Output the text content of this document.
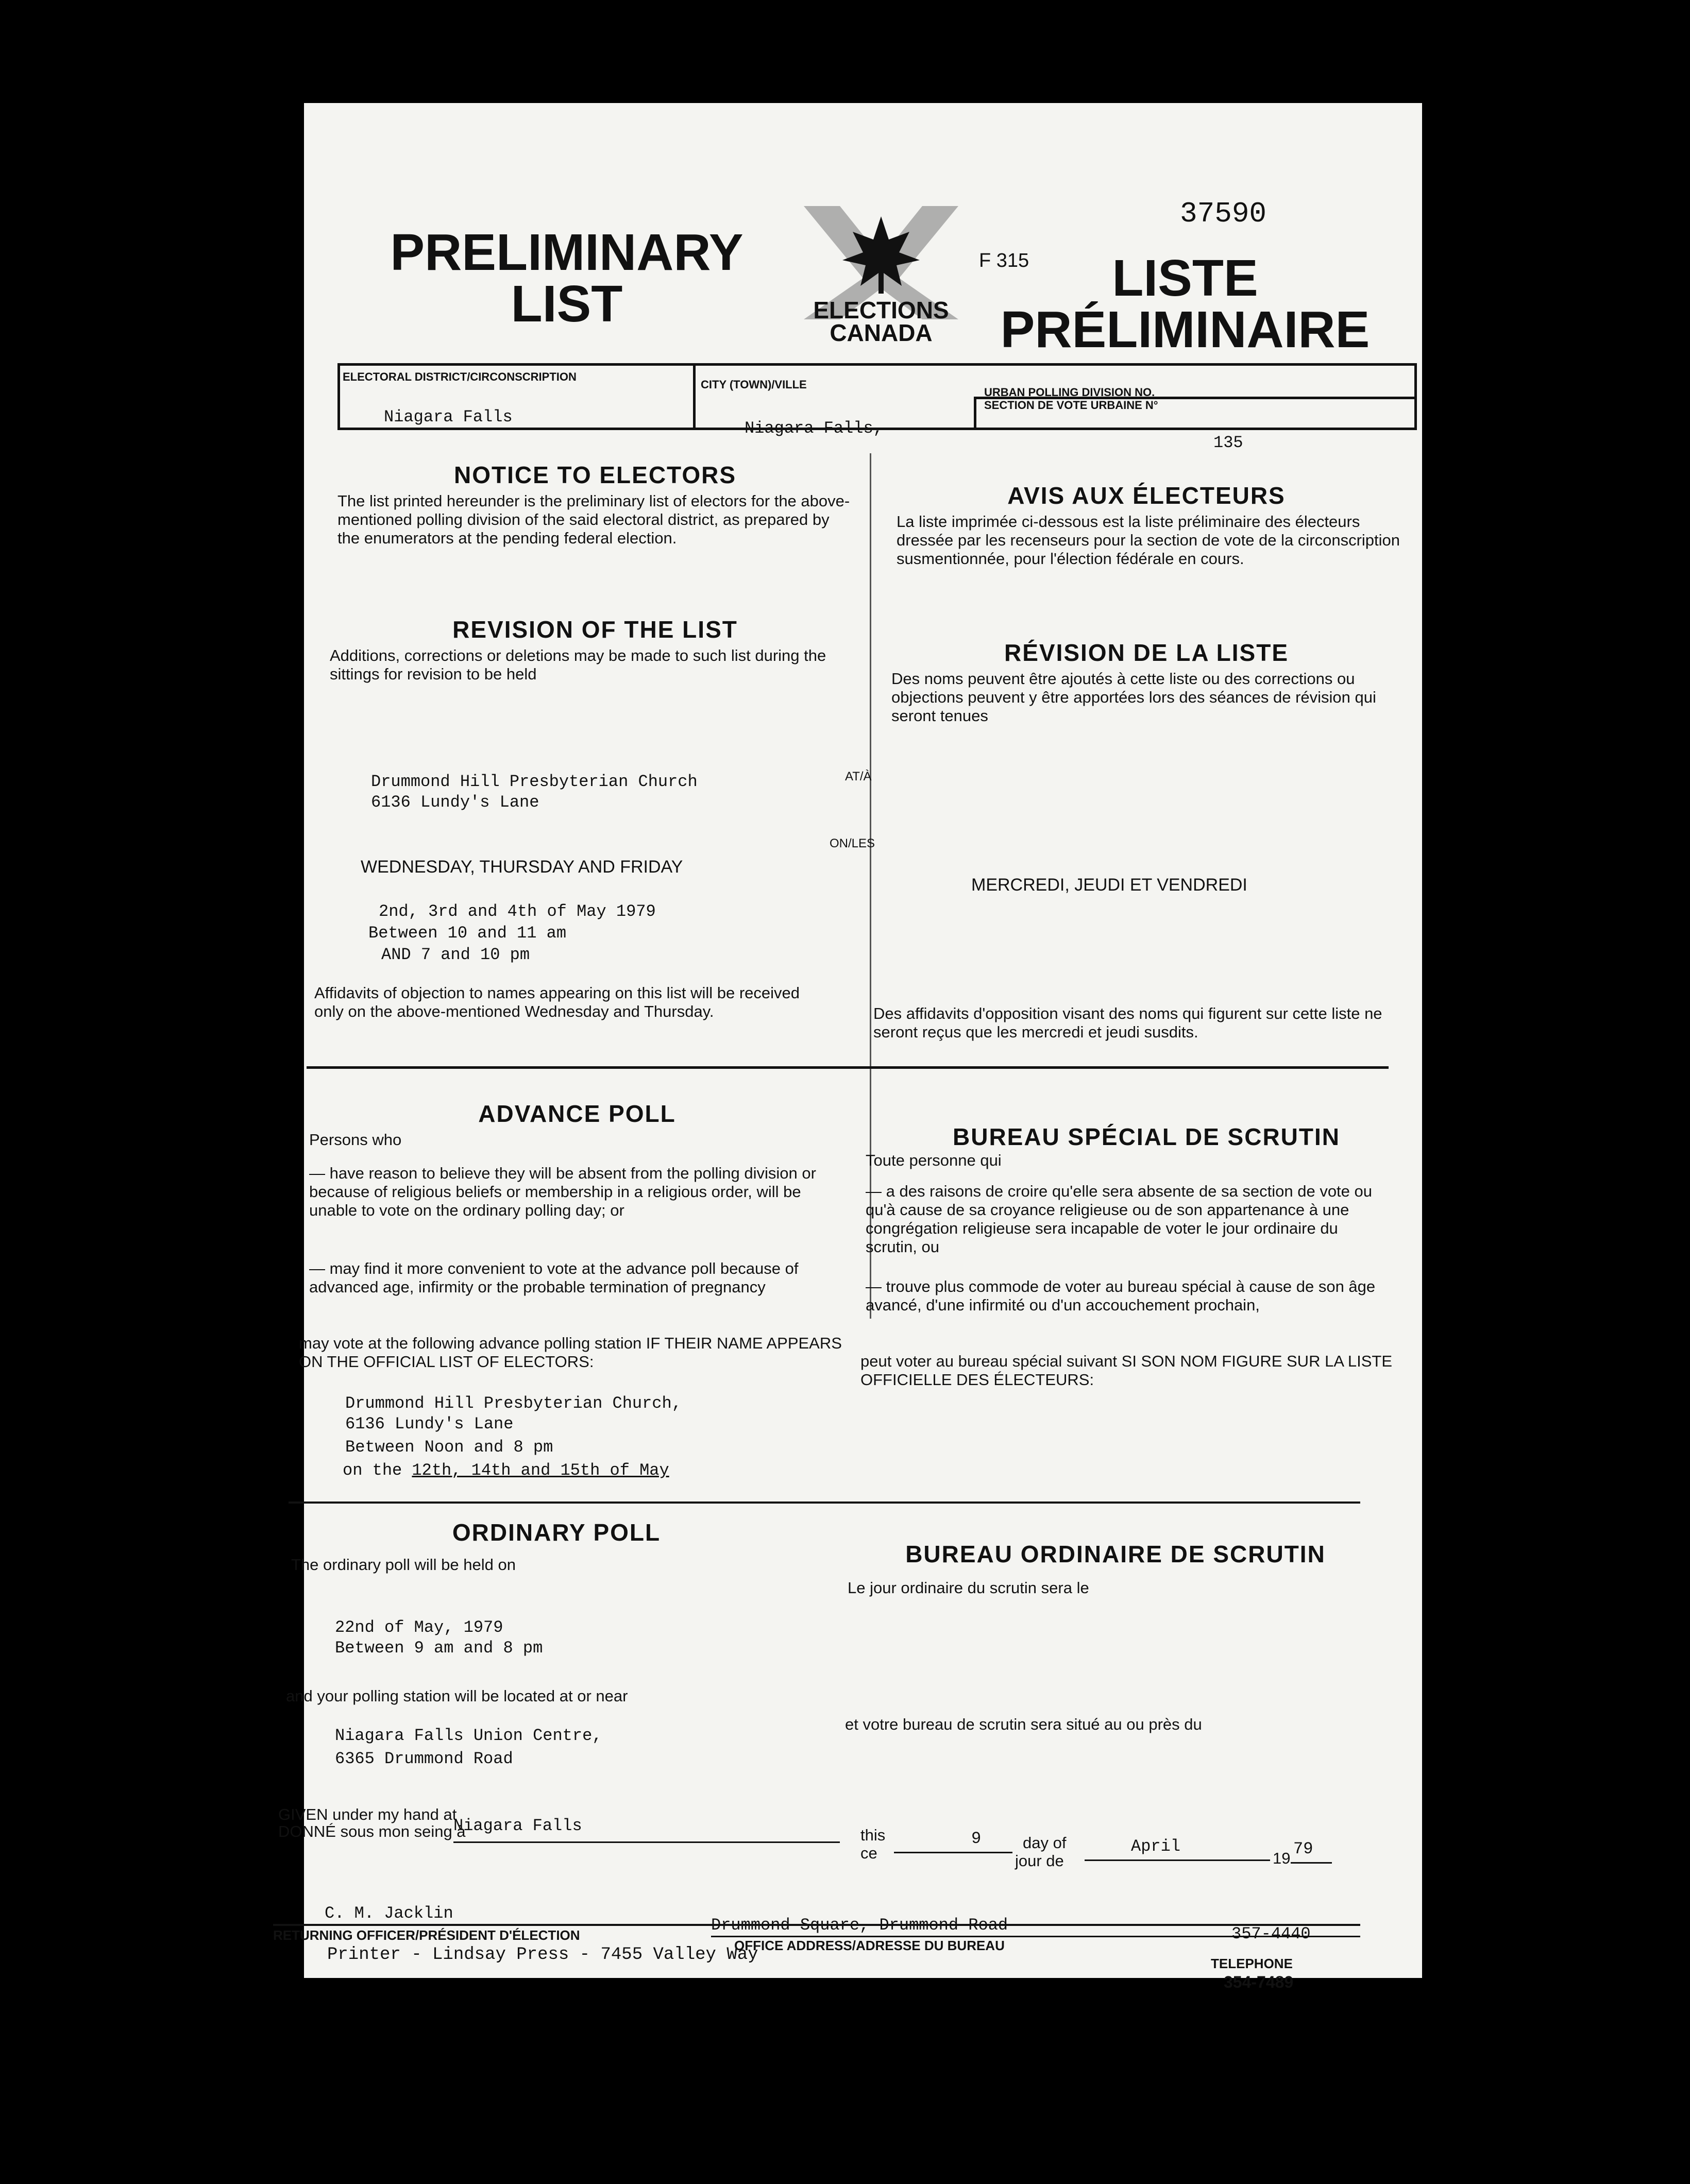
PRELIMINARY
LIST	ELECTIONS
CANADA
37590
F 315	LISTE
PRÉLIMINAIRE
ELECTORAL DISTRICT/CIRCONSCRIPTION
Niagara Falls
CITY (TOWN)/VILLE
Niagara Falls,
URBAN POLLING DIVISION NO.
SECTION DE VOTE URBAINE N°
135
NOTICE TO ELECTORS
The list printed hereunder is the preliminary list of electors for the above-mentioned polling division of the said electoral district, as prepared by the enumerators at the pending federal election.
AVIS AUX ÉLECTEURS
La liste imprimée ci-dessous est la liste préliminaire des électeurs dressée par les recenseurs pour la section de vote de la circonscription susmentionnée, pour l'élection fédérale en cours.
REVISION OF THE LIST
Additions, corrections or deletions may be made to such list during the sittings for revision to be held
RÉVISION DE LA LISTE
Des noms peuvent être ajoutés à cette liste ou des corrections ou objections peuvent y être apportées lors des séances de révision qui seront tenues
Drummond Hill Presbyterian Church
6136 Lundy's Lane
AT/À
ON/LES
WEDNESDAY, THURSDAY AND FRIDAY
MERCREDI, JEUDI ET VENDREDI
2nd, 3rd and 4th of May 1979
Between 10 and 11 am
AND 7 and 10 pm
Affidavits of objection to names appearing on this list will be received only on the above-mentioned Wednesday and Thursday.	Des affidavits d'opposition visant des noms qui figurent sur cette liste ne seront reçus que les mercredi et jeudi susdits.
ADVANCE POLL
BUREAU SPÉCIAL DE SCRUTIN
Persons who
Toute personne qui
— have reason to believe they will be absent from the polling division or because of religious beliefs or membership in a religious order, will be unable to vote on the ordinary polling day; or
— may find it more convenient to vote at the advance poll because of advanced age, infirmity or the probable termination of pregnancy
— a des raisons de croire qu'elle sera absente de sa section de vote ou qu'à cause de sa croyance religieuse ou de son appartenance à une congrégation religieuse sera incapable de voter le jour ordinaire du scrutin, ou
— trouve plus commode de voter au bureau spécial à cause de son âge avancé, d'une infirmité ou d'un accouchement prochain,
may vote at the following advance polling station IF THEIR NAME APPEARS ON THE OFFICIAL LIST OF ELECTORS:	peut voter au bureau spécial suivant SI SON NOM FIGURE SUR LA LISTE OFFICIELLE DES ÉLECTEURS:
Drummond Hill Presbyterian Church,
6136 Lundy's Lane
Between Noon and 8 pm
on the 12th, 14th and 15th of May
ORDINARY POLL
BUREAU ORDINAIRE DE SCRUTIN
The ordinary poll will be held on
Le jour ordinaire du scrutin sera le
22nd of May, 1979
Between 9 am and 8 pm
and your polling station will be located at or near
et votre bureau de scrutin sera situé au ou près du
Niagara Falls Union Centre,
6365 Drummond Road
GIVEN under my hand at
DONNÉ sous mon seing à
Niagara Falls	this
ce
9	day of
jour de
April
19 79
C. M. Jacklin
RETURNING OFFICER/PRÉSIDENT D'ÉLECTION
Drummond Square, Drummond Road
OFFICE ADDRESS/ADRESSE DU BUREAU
357-4440
TELEPHONE
354-7489
Printer - Lindsay Press - 7455 Valley Way
